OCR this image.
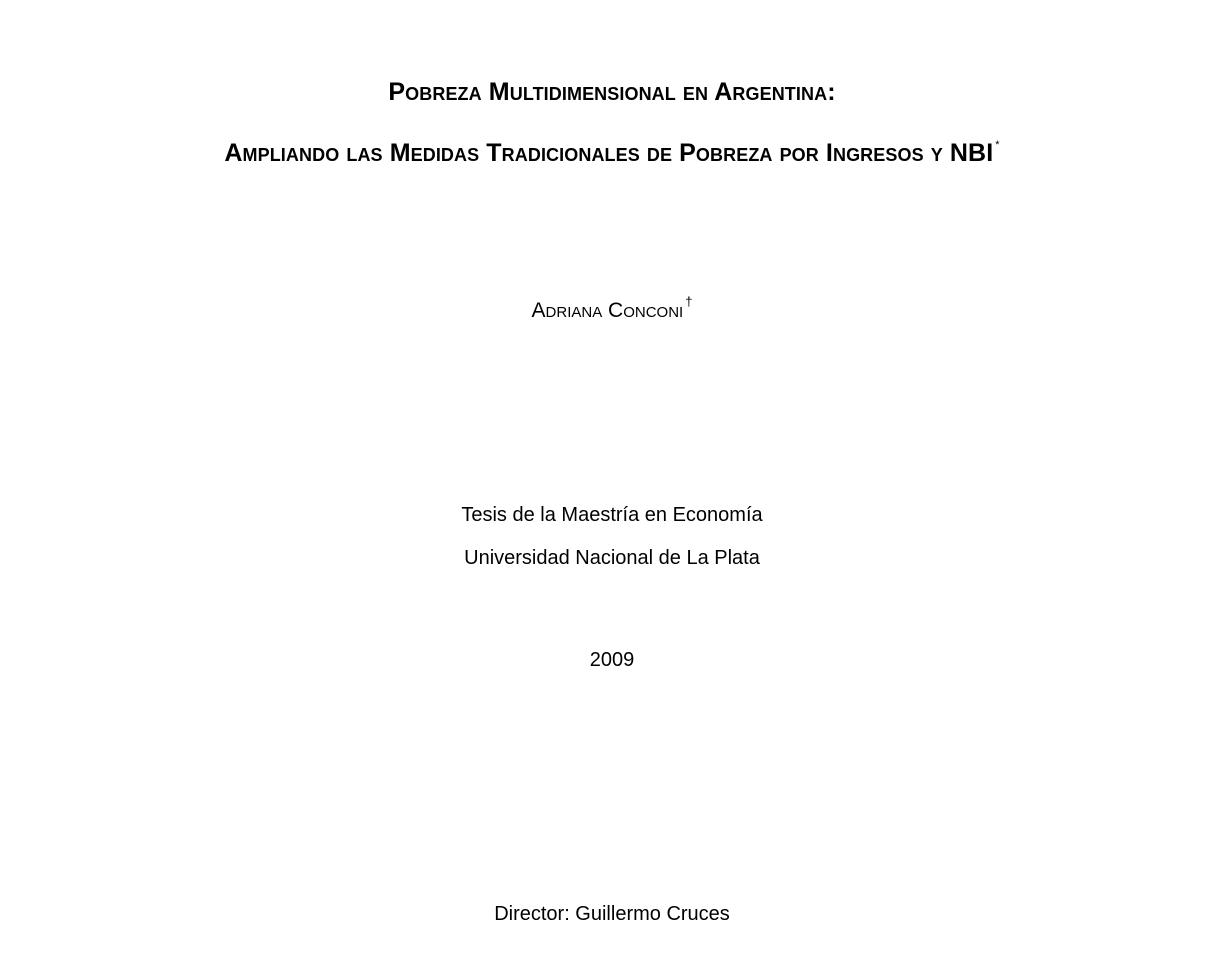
Pobreza Multidimensional en Argentina:
Ampliando las Medidas Tradicionales de Pobreza por Ingresos y NBI *
Adriana Conconi †
Tesis de la Maestría en Economía
Universidad Nacional de La Plata
2009
Director: Guillermo Cruces
